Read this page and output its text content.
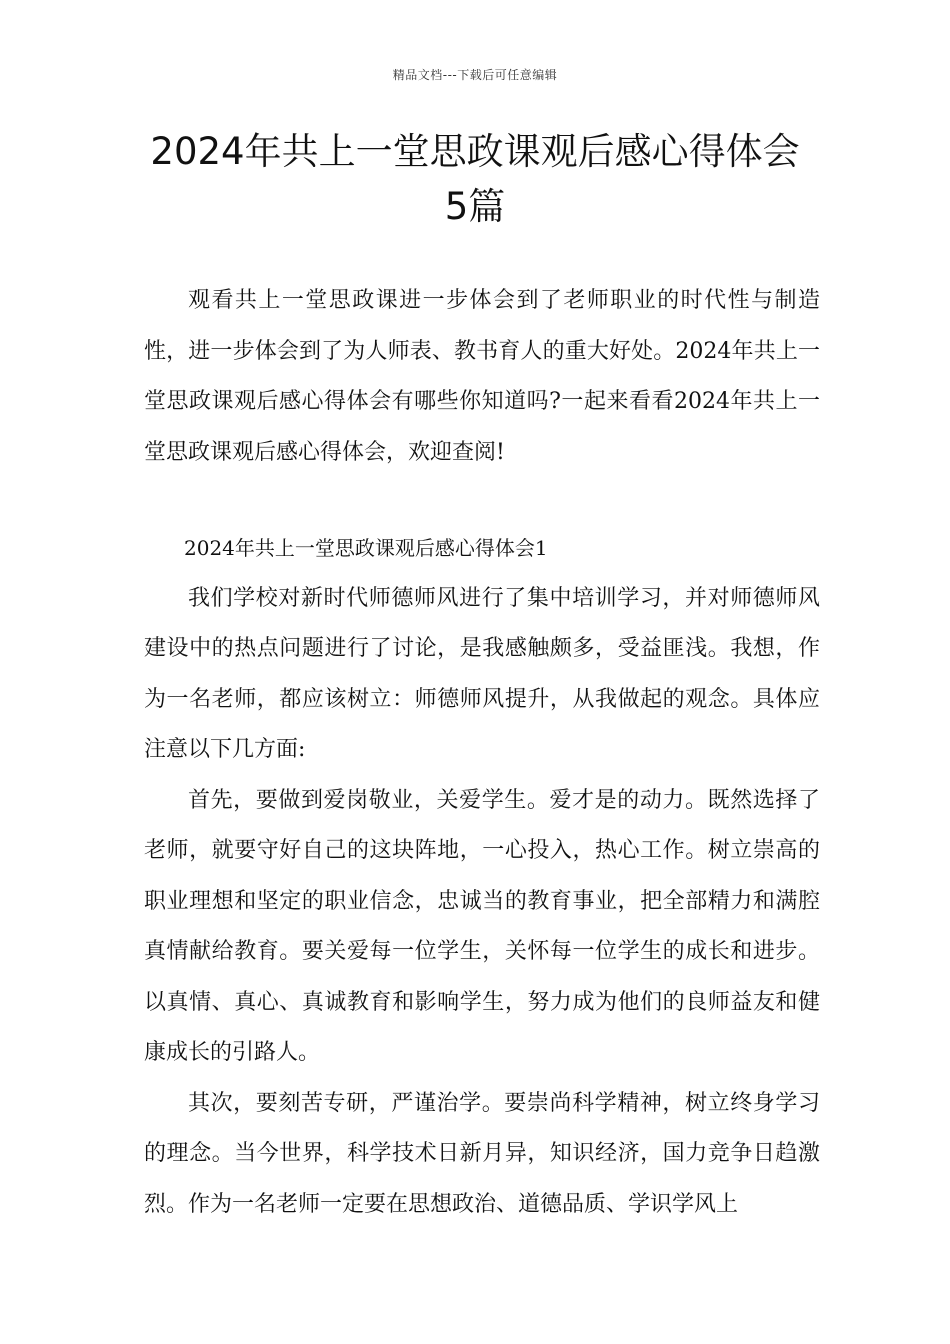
精品文档---下载后可任意编辑
2024年共上一堂思政课观后感心得体会
5篇

观看共上一堂思政课进一步体会到了老师职业的时代性与制造性，进一步体会到了为人师表、教书育人的重大好处。2024年共上一堂思政课观后感心得体会有哪些你知道吗?一起来看看2024年共上一堂思政课观后感心得体会，欢迎查阅!

2024年共上一堂思政课观后感心得体会1

我们学校对新时代师德师风进行了集中培训学习，并对师德师风建设中的热点问题进行了讨论，是我感触颇多，受益匪浅。我想，作为一名老师，都应该树立：师德师风提升，从我做起的观念。具体应注意以下几方面:

首先，要做到爱岗敬业，关爱学生。爱才是的动力。既然选择了老师，就要守好自己的这块阵地，一心投入，热心工作。树立崇高的职业理想和坚定的职业信念，忠诚当的教育事业，把全部精力和满腔真情献给教育。要关爱每一位学生，关怀每一位学生的成长和进步。以真情、真心、真诚教育和影响学生，努力成为他们的良师益友和健康成长的引路人。

其次，要刻苦专研，严谨治学。要崇尚科学精神，树立终身学习的理念。当今世界，科学技术日新月异，知识经济，国力竞争日趋激烈。作为一名老师一定要在思想政治、道德品质、学识学风上
